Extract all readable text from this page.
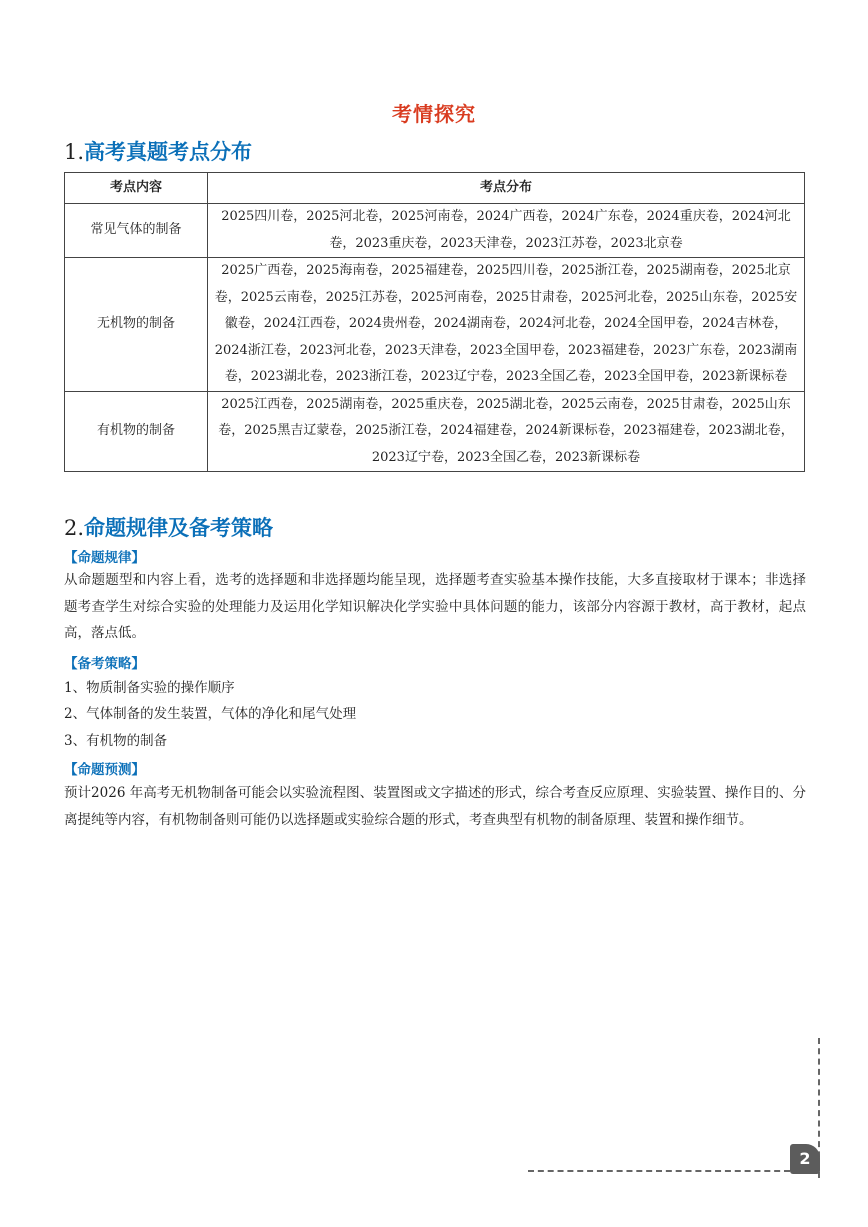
考情探究
1.高考真题考点分布
考点内容	考点分布
常见气体的制备	2025四川卷，2025河北卷，2025河南卷，2024广西卷，2024广东卷，2024重庆卷，2024河北卷，2023重庆卷，2023天津卷，2023江苏卷，2023北京卷
无机物的制备	2025广西卷，2025海南卷，2025福建卷，2025四川卷，2025浙江卷，2025湖南卷，2025北京卷，2025云南卷，2025江苏卷，2025河南卷，2025甘肃卷，2025河北卷，2025山东卷，2025安徽卷，2024江西卷，2024贵州卷，2024湖南卷，2024河北卷，2024全国甲卷，2024吉林卷，2024浙江卷，2023河北卷，2023天津卷，2023全国甲卷，2023福建卷，2023广东卷，2023湖南卷，2023湖北卷，2023浙江卷，2023辽宁卷，2023全国乙卷，2023全国甲卷，2023新课标卷
有机物的制备	2025江西卷，2025湖南卷，2025重庆卷，2025湖北卷，2025云南卷，2025甘肃卷，2025山东卷，2025黑吉辽蒙卷，2025浙江卷，2024福建卷，2024新课标卷，2023福建卷，2023湖北卷，2023辽宁卷，2023全国乙卷，2023新课标卷
2.命题规律及备考策略
【命题规律】
从命题题型和内容上看，选考的选择题和非选择题均能呈现，选择题考查实验基本操作技能，大多直接取材于课本；非选择题考查学生对综合实验的处理能力及运用化学知识解决化学实验中具体问题的能力，该部分内容源于教材，高于教材，起点高，落点低。
【备考策略】
1、物质制备实验的操作顺序
2、气体制备的发生装置，气体的净化和尾气处理
3、有机物的制备
【命题预测】
预计2026 年高考无机物制备可能会以实验流程图、装置图或文字描述的形式，综合考查反应原理、实验装置、操作目的、分离提纯等内容，有机物制备则可能仍以选择题或实验综合题的形式，考查典型有机物的制备原理、装置和操作细节。
2
